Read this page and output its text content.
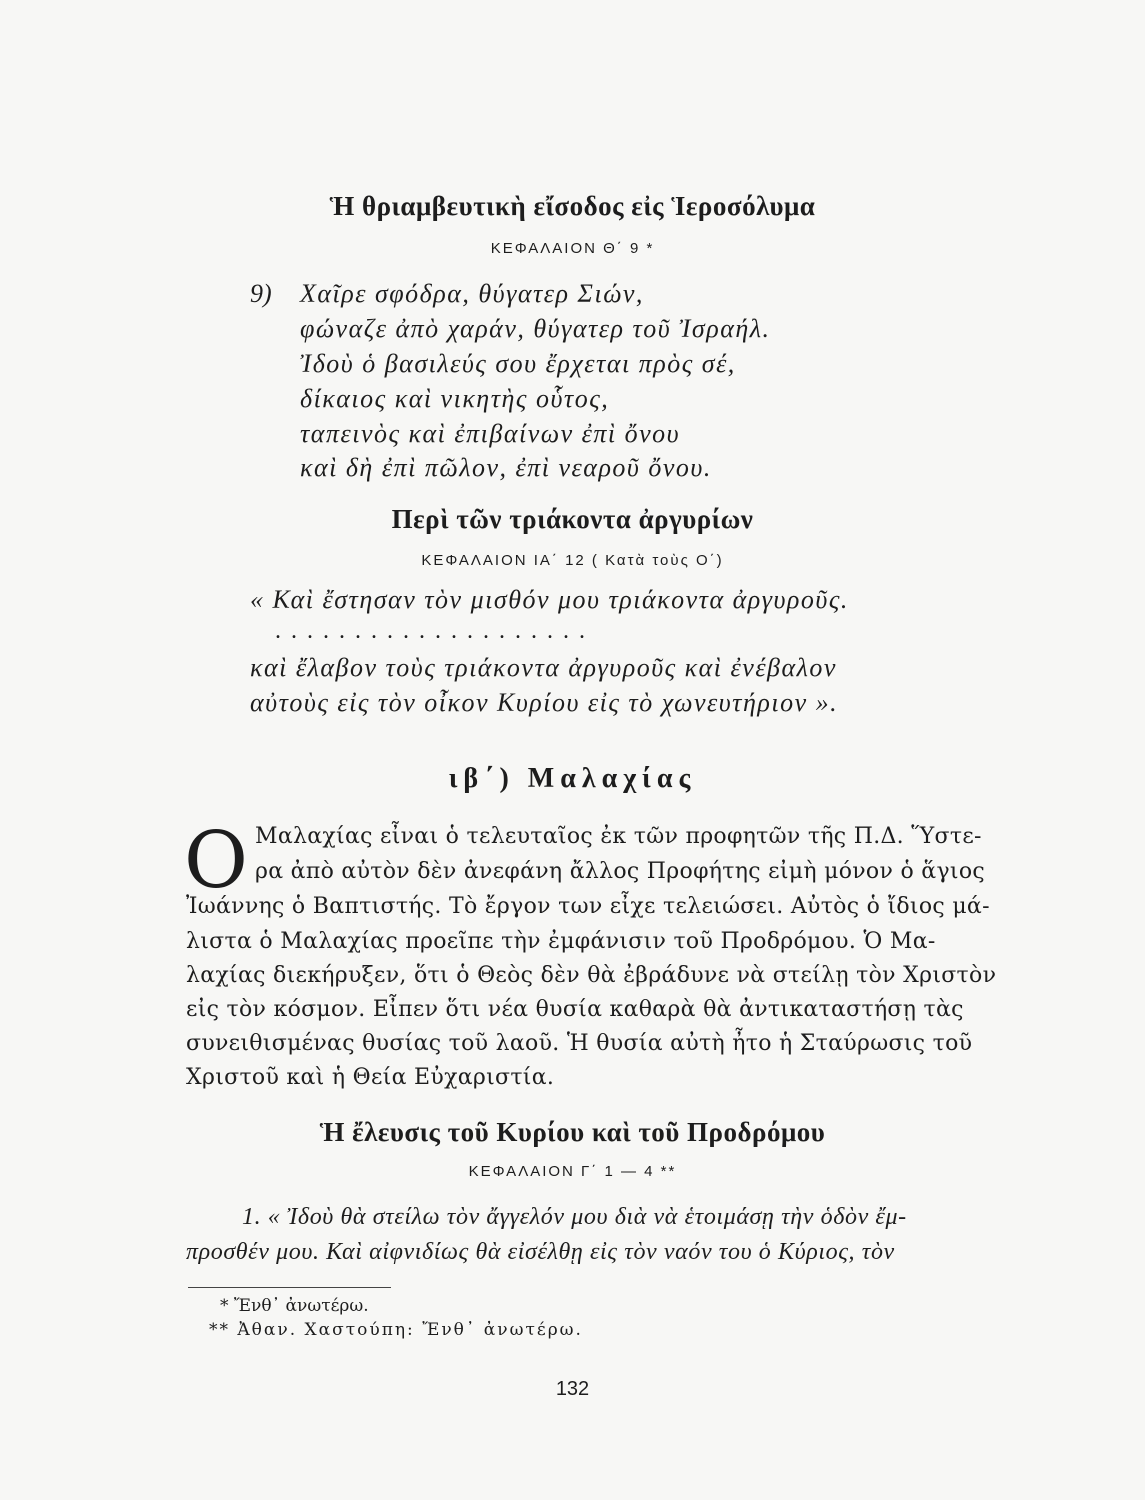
Ἡ θριαμβευτικὴ εἴσοδος εἰς Ἱεροσόλυμα
ΚΕΦΑΛΑΙΟΝ Θ΄ 9 *
9) Χαῖρε σφόδρα, θύγατερ Σιών,
φώναζε ἀπὸ χαράν, θύγατερ τοῦ Ἰσραήλ.
Ἰδοὺ ὁ βασιλεύς σου ἔρχεται πρὸς σέ,
δίκαιος καὶ νικητὴς οὗτος,
ταπεινὸς καὶ ἐπιβαίνων ἐπὶ ὄνου
καὶ δὴ ἐπὶ πῶλον, ἐπὶ νεαροῦ ὄνου.
Περὶ τῶν τριάκοντα ἀργυρίων
ΚΕΦΑΛΑΙΟΝ ΙΑ΄ 12 ( Κατὰ τοὺς Ο΄)
« Καὶ ἔστησαν τὸν μισθόν μου τριάκοντα ἀργυροῦς.
....................
καὶ ἔλαβον τοὺς τριάκοντα ἀργυροῦς καὶ ἐνέβαλον
αὐτοὺς εἰς τὸν οἶκον Κυρίου εἰς τὸ χωνευτήριον ».
ιβ΄) Μαλαχίας
Ο Μαλαχίας εἶναι ὁ τελευταῖος ἐκ τῶν προφητῶν τῆς Π.Δ. Ὕστε-
ρα ἀπὸ αὐτὸν δὲν ἀνεφάνη ἄλλος Προφήτης εἰμὴ μόνον ὁ ἅγιος
Ἰωάννης ὁ Βαπτιστής. Τὸ ἔργον των εἶχε τελειώσει. Αὐτὸς ὁ ἴδιος μά-
λιστα ὁ Μαλαχίας προεῖπε τὴν ἐμφάνισιν τοῦ Προδρόμου. Ὁ Μα-
λαχίας διεκήρυξεν, ὅτι ὁ Θεὸς δὲν θὰ ἐβράδυνε νὰ στείλῃ τὸν Χριστὸν
εἰς τὸν κόσμον. Εἶπεν ὅτι νέα θυσία καθαρὰ θὰ ἀντικαταστήσῃ τὰς
συνειθισμένας θυσίας τοῦ λαοῦ. Ἡ θυσία αὐτὴ ἦτο ἡ Σταύρωσις τοῦ
Χριστοῦ καὶ ἡ Θεία Εὐχαριστία.
Ἡ ἔλευσις τοῦ Κυρίου καὶ τοῦ Προδρόμου
ΚΕΦΑΛΑΙΟΝ Γ΄ 1 — 4 **
1. « Ἰδοὺ θὰ στείλω τὸν ἄγγελόν μου διὰ νὰ ἑτοιμάσῃ τὴν ὁδὸν ἔμ-
προσθέν μου. Καὶ αἰφνιδίως θὰ εἰσέλθῃ εἰς τὸν ναόν του ὁ Κύριος, τὸν
* Ἔνθ᾽ ἀνωτέρω.
** Ἀθαν. Χαστούπη: Ἔνθ᾽ ἀνωτέρω.
132
